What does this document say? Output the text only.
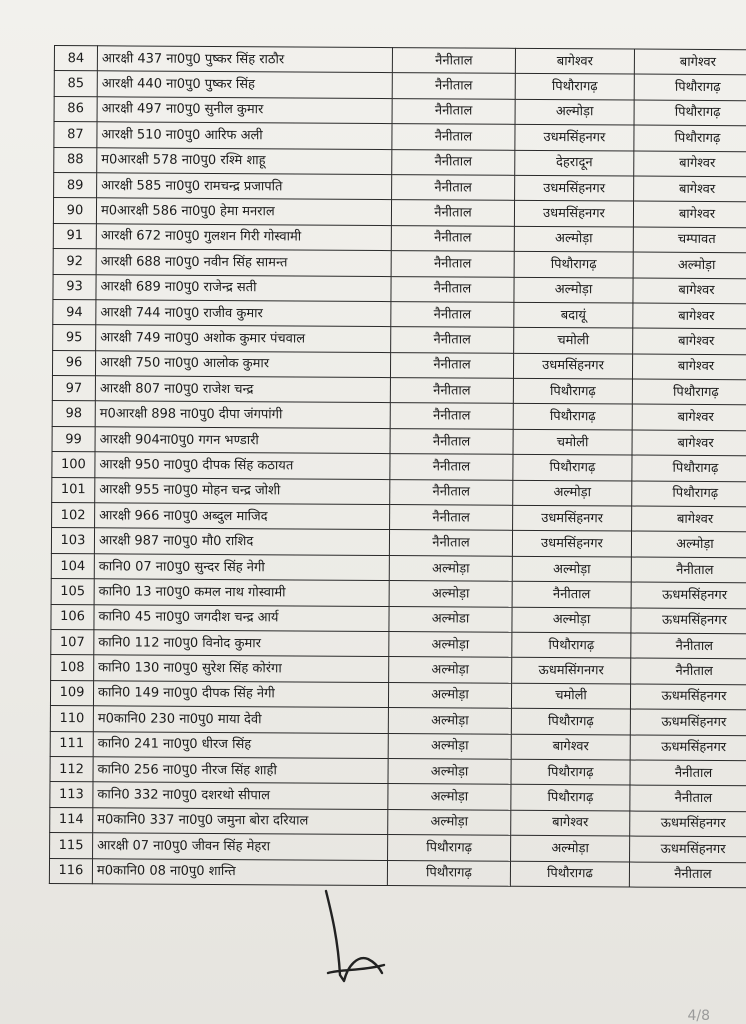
84	आरक्षी 437 ना0पु0 पुष्कर सिंह राठौर	नैनीताल	बागेश्वर	बागेश्वर
85	आरक्षी 440 ना0पु0 पुष्कर सिंह	नैनीताल	पिथौरागढ़	पिथौरागढ़
86	आरक्षी 497 ना0पु0 सुनील कुमार	नैनीताल	अल्मोड़ा	पिथौरागढ़
87	आरक्षी 510 ना0पु0 आरिफ अली	नैनीताल	उधमसिंहनगर	पिथौरागढ़
88	म0आरक्षी 578 ना0पु0 रश्मि शाहू	नैनीताल	देहरादून	बागेश्वर
89	आरक्षी 585 ना0पु0 रामचन्द्र प्रजापति	नैनीताल	उधमसिंहनगर	बागेश्वर
90	म0आरक्षी 586 ना0पु0 हेमा मनराल	नैनीताल	उधमसिंहनगर	बागेश्वर
91	आरक्षी 672 ना0पु0 गुलशन गिरी गोस्वामी	नैनीताल	अल्मोड़ा	चम्पावत
92	आरक्षी 688 ना0पु0 नवीन सिंह सामन्त	नैनीताल	पिथौरागढ़	अल्मोड़ा
93	आरक्षी 689 ना0पु0 राजेन्द्र सती	नैनीताल	अल्मोड़ा	बागेश्वर
94	आरक्षी 744 ना0पु0 राजीव कुमार	नैनीताल	बदायूं	बागेश्वर
95	आरक्षी 749 ना0पु0 अशोक कुमार पंचवाल	नैनीताल	चमोली	बागेश्वर
96	आरक्षी 750 ना0पु0 आलोक कुमार	नैनीताल	उधमसिंहनगर	बागेश्वर
97	आरक्षी 807 ना0पु0 राजेश चन्द्र	नैनीताल	पिथौरागढ़	पिथौरागढ़
98	म0आरक्षी 898 ना0पु0 दीपा जंगपांगी	नैनीताल	पिथौरागढ़	बागेश्वर
99	आरक्षी 904ना0पु0 गगन भण्डारी	नैनीताल	चमोली	बागेश्वर
100	आरक्षी 950 ना0पु0 दीपक सिंह कठायत	नैनीताल	पिथौरागढ़	पिथौरागढ़
101	आरक्षी 955 ना0पु0 मोहन चन्द्र जोशी	नैनीताल	अल्मोड़ा	पिथौरागढ़
102	आरक्षी 966 ना0पु0 अब्दुल माजिद	नैनीताल	उधमसिंहनगर	बागेश्वर
103	आरक्षी 987 ना0पु0 मौ0 राशिद	नैनीताल	उधमसिंहनगर	अल्मोड़ा
104	कानि0 07 ना0पु0 सुन्दर सिंह नेगी	अल्मोड़ा	अल्मोड़ा	नैनीताल
105	कानि0 13 ना0पु0 कमल नाथ गोस्वामी	अल्मोड़ा	नैनीताल	ऊधमसिंहनगर
106	कानि0 45 ना0पु0 जगदीश चन्द्र आर्य	अल्मोडा	अल्मोड़ा	ऊधमसिंहनगर
107	कानि0 112 ना0पु0 विनोद कुमार	अल्मोड़ा	पिथौरागढ़	नैनीताल
108	कानि0 130 ना0पु0 सुरेश सिंह कोरंगा	अल्मोड़ा	ऊधमसिंगनगर	नैनीताल
109	कानि0 149 ना0पु0 दीपक सिंह नेगी	अल्मोड़ा	चमोली	ऊधमसिंहनगर
110	म0कानि0 230 ना0पु0 माया देवी	अल्मोड़ा	पिथौरागढ़	ऊधमसिंहनगर
111	कानि0 241 ना0पु0 धीरज सिंह	अल्मोड़ा	बागेश्वर	ऊधमसिंहनगर
112	कानि0 256 ना0पु0 नीरज सिंह शाही	अल्मोड़ा	पिथौरागढ़	नैनीताल
113	कानि0 332 ना0पु0 दशरथो सीपाल	अल्मोड़ा	पिथौरागढ़	नैनीताल
114	म0कानि0 337 ना0पु0 जमुना बोरा दरियाल	अल्मोड़ा	बागेश्वर	ऊधमसिंहनगर
115	आरक्षी 07 ना0पु0 जीवन सिंह मेहरा	पिथौरागढ़	अल्मोड़ा	ऊधमसिंहनगर
116	म0कानि0 08 ना0पु0 शान्ति	पिथौरागढ़	पिथौरागढ	नैनीताल
4/8
